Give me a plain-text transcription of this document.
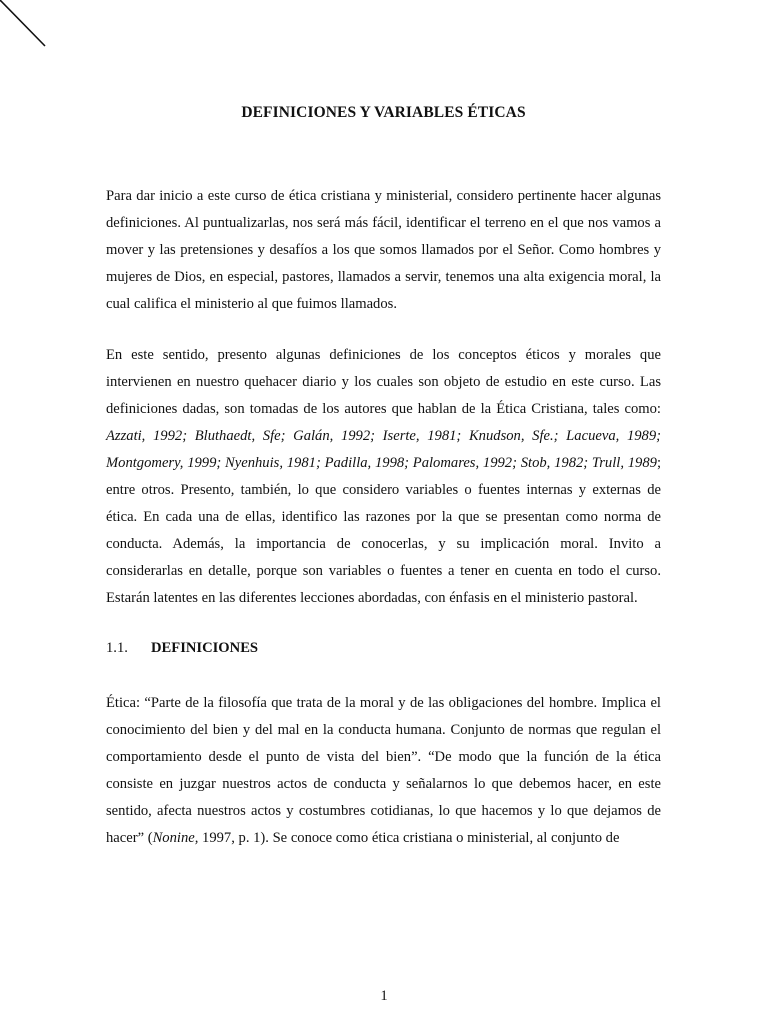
DEFINICIONES Y VARIABLES ÉTICAS

Para dar inicio a este curso de ética cristiana y ministerial, considero pertinente hacer algunas definiciones. Al puntualizarlas, nos será más fácil, identificar el terreno en el que nos vamos a mover y las pretensiones y desafíos a los que somos llamados por el Señor. Como hombres y mujeres de Dios, en especial, pastores, llamados a servir, tenemos una alta exigencia moral, la cual califica el ministerio al que fuimos llamados.

En este sentido, presento algunas definiciones de los conceptos éticos y morales que intervienen en nuestro quehacer diario y los cuales son objeto de estudio en este curso. Las definiciones dadas, son tomadas de los autores que hablan de la Ética Cristiana, tales como: Azzati, 1992; Bluthaedt, Sfe; Galán, 1992; Iserte, 1981; Knudson, Sfe.; Lacueva, 1989; Montgomery, 1999; Nyenhuis, 1981; Padilla, 1998; Palomares, 1992; Stob, 1982; Trull, 1989; entre otros. Presento, también, lo que considero variables o fuentes internas y externas de ética. En cada una de ellas, identifico las razones por la que se presentan como norma de conducta. Además, la importancia de conocerlas, y su implicación moral. Invito a considerarlas en detalle, porque son variables o fuentes a tener en cuenta en todo el curso. Estarán latentes en las diferentes lecciones abordadas, con énfasis en el ministerio pastoral.

1.1. DEFINICIONES

Ética: “Parte de la filosofía que trata de la moral y de las obligaciones del hombre. Implica el conocimiento del bien y del mal en la conducta humana. Conjunto de normas que regulan el comportamiento desde el punto de vista del bien”. “De modo que la función de la ética consiste en juzgar nuestros actos de conducta y señalarnos lo que debemos hacer, en este sentido, afecta nuestros actos y costumbres cotidianas, lo que hacemos y lo que dejamos de hacer” (Nonine, 1997, p. 1). Se conoce como ética cristiana o ministerial, al conjunto de

1
